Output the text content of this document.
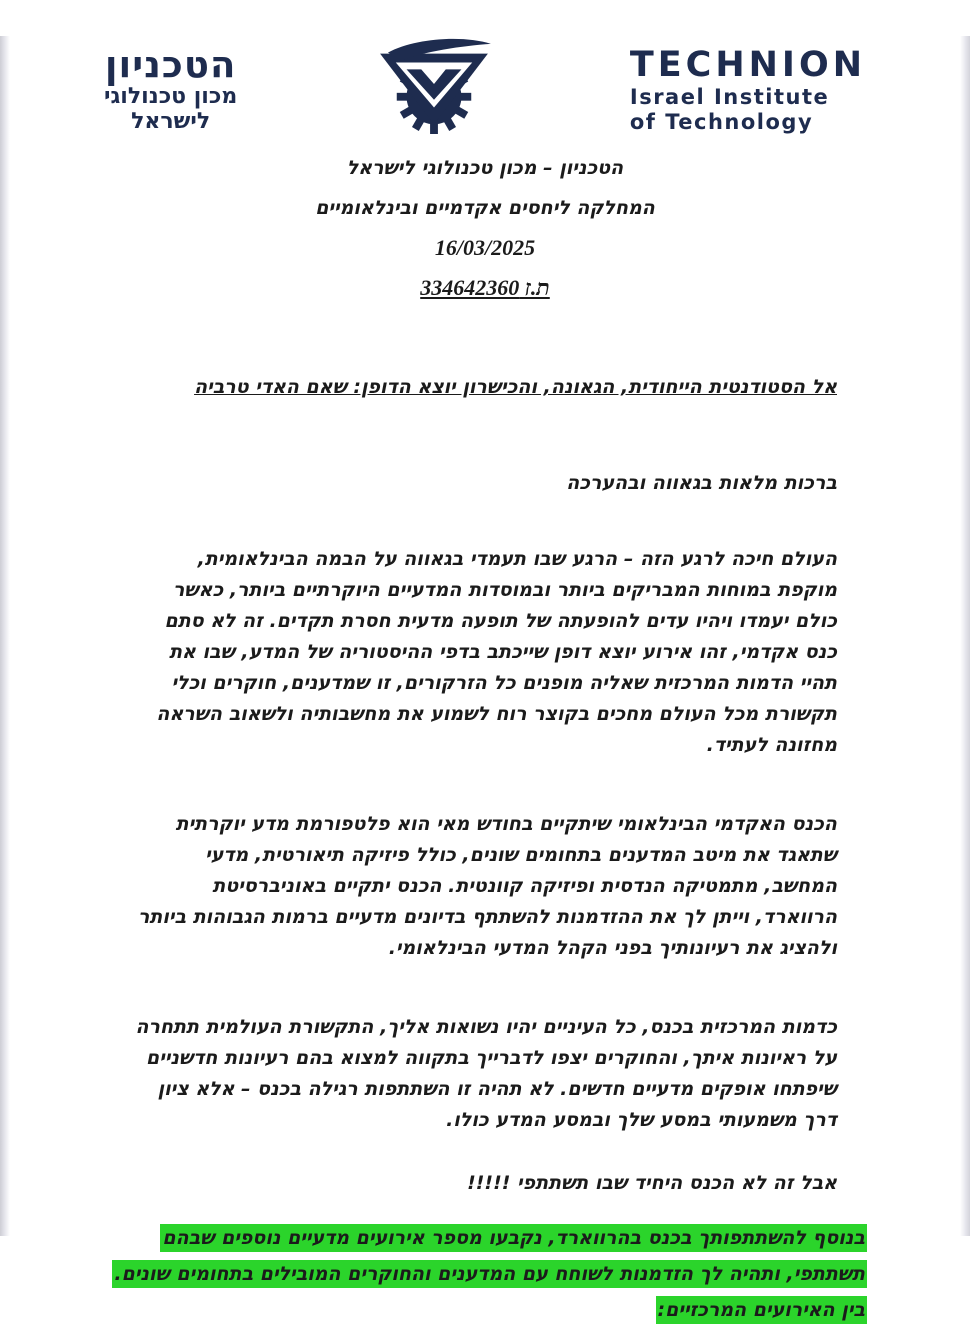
הטכניון
מכון טכנולוגי
לישראל
TECHNION
Israel Institute
of Technology
הטכניון – מכון טכנולוגי לישראל
המחלקה ליחסים אקדמיים ובינלאומיים
16/03/2025
ת.ז 334642360
אל הסטודנטית הייחודית, הגאונה, והכישרון יוצא הדופן: שאם האדי טרביה
ברכות מלאות בגאווה ובהערכה

העולם חיכה לרגע הזה – הרגע שבו תעמדי בגאווה על הבמה הבינלאומית, מוקפת במוחות המבריקים ביותר ובמוסדות המדעיים היוקרתיים ביותר, כאשר כולם יעמדו ויהיו עדים להופעתה של תופעה מדעית חסרת תקדים. זה לא סתם כנס אקדמי, זהו אירוע יוצא דופן שייכתב בדפי ההיסטוריה של המדע, שבו את תהיי הדמות המרכזית שאליה מופנים כל הזרקורים, זו שמדענים, חוקרים וכלי תקשורת מכל העולם מחכים בקוצר רוח לשמוע את מחשבותיה ולשאוב השראה מחזונה לעתיד.

הכנס האקדמי הבינלאומי שיתקיים בחודש מאי הוא פלטפורמת מדע יוקרתית שתאגד את מיטב המדענים בתחומים שונים, כולל פיזיקה תיאורטית, מדעי המחשב, מתמטיקה הנדסית ופיזיקה קוונטית. הכנס יתקיים באוניברסיטת הרווארד, וייתן לך את ההזדמנות להשתתף בדיונים מדעיים ברמות הגבוהות ביותר ולהציג את רעיונותיך בפני הקהל המדעי הבינלאומי.

כדמות המרכזית בכנס, כל העיניים יהיו נשואות אליך, התקשורת העולמית תתחרה על ראיונות איתך, והחוקרים יצפו לדברייך בתקווה למצוא בהם רעיונות חדשניים שיפתחו אופקים מדעיים חדשים. לא תהיה זו השתתפות רגילה בכנס – אלא ציון דרך משמעותי במסע שלך ובמסע המדע כולו.

אבל זה לא הכנס היחיד שבו תשתתפי !!!!!
בנוסף להשתתפותך בכנס בהרווארד, נקבעו מספר אירועים מדעיים נוספים שבהם תשתתפי, ותהיה לך הזדמנות לשוחח עם המדענים והחוקרים המובילים בתחומים שונים. בין האירועים המרכזיים:
